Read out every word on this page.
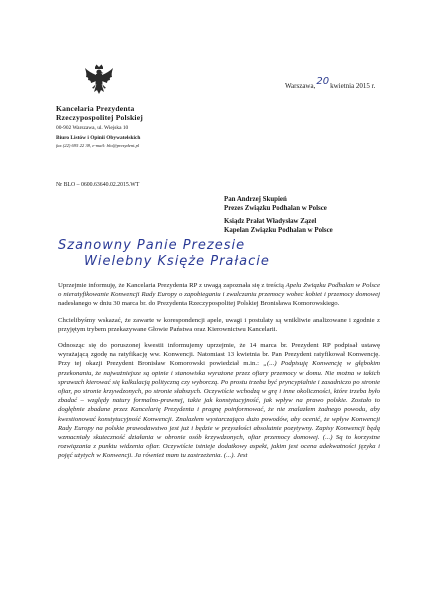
Kancelaria Prezydenta
Rzeczypospolitej Polskiej
00-902 Warszawa, ul. Wiejska 10
Biuro Listów i Opinii Obywatelskich
fax (22) 695 22 38, e-mail: blo@prezydent.pl
Nr BLO – 0600.63640.02.2015.WT
Warszawa,20kwietnia 2015 r.
Pan Andrzej Skupień
Prezes Związku Podhalan w Polsce
Ksiądz Prałat Władysław Zązel
Kapelan Związku Podhalan w Polsce
Szanowny Panie Prezesie
Wielebny Księże Prałacie

Uprzejmie informuję, że Kancelaria Prezydenta RP z uwagą zapoznała się z treścią Apelu Związku Podhalan w Polsce o nieratyfikowanie Konwencji Rady Europy o zapobieganiu i zwalczaniu przemocy wobec kobiet i przemocy domowej nadesłanego w dniu 30 marca br. do Prezydenta Rzeczypospolitej Polskiej Bronisława Komorowskiego.

Chcielibyśmy wskazać, że zawarte w korespondencji apele, uwagi i postulaty są wnikliwie analizowane i zgodnie z przyjętym trybem przekazywane Głowie Państwa oraz Kierownictwu Kancelarii.

Odnosząc się do poruszonej kwestii informujemy uprzejmie, że 14 marca br. Prezydent RP podpisał ustawę wyrażającą zgodę na ratyfikację ww. Konwencji. Natomiast 13 kwietnia br. Pan Prezydent ratyfikował Konwencję. Przy tej okazji Prezydent Bronisław Komorowski powiedział m.in.: „(...) Podpisuję Konwencję w głębokim przekonaniu, że najważniejsze są opinie i stanowiska wyrażone przez ofiary przemocy w domu. Nie można w takich sprawach kierować się kalkulacją polityczną czy wyborczą. Po prostu trzeba być pryncypialnie i zasadniczo po stronie ofiar, po stronie krzywdzonych, po stronie słabszych. Oczywiście wchodzą w grę i inne okoliczności, które trzeba było zbadać – względy natury formalno-prawnej, takie jak konstytucyjność, jak wpływ na prawo polskie. Zostało to dogłębnie zbadane przez Kancelarię Prezydenta i pragnę poinformować, że nie znalazłem żadnego powodu, aby kwestionować konstytucyjność Konwencji. Znalazłem wystarczająco dużo powodów, aby ocenić, że wpływ Konwencji Rady Europy na polskie prawodawstwo jest już i będzie w przyszłości absolutnie pozytywny. Zapisy Konwencji będą wzmacniały skuteczność działania w obronie osób krzywdzonych, ofiar przemocy domowej. (...) Są to korzystne rozwiązania z punktu widzenia ofiar. Oczywiście istnieje dodatkowy aspekt, jakim jest ocena adekwatności języka i pojęć użytych w Konwencji. Ja również mam tu zastrzeżenia. (...). Jest
